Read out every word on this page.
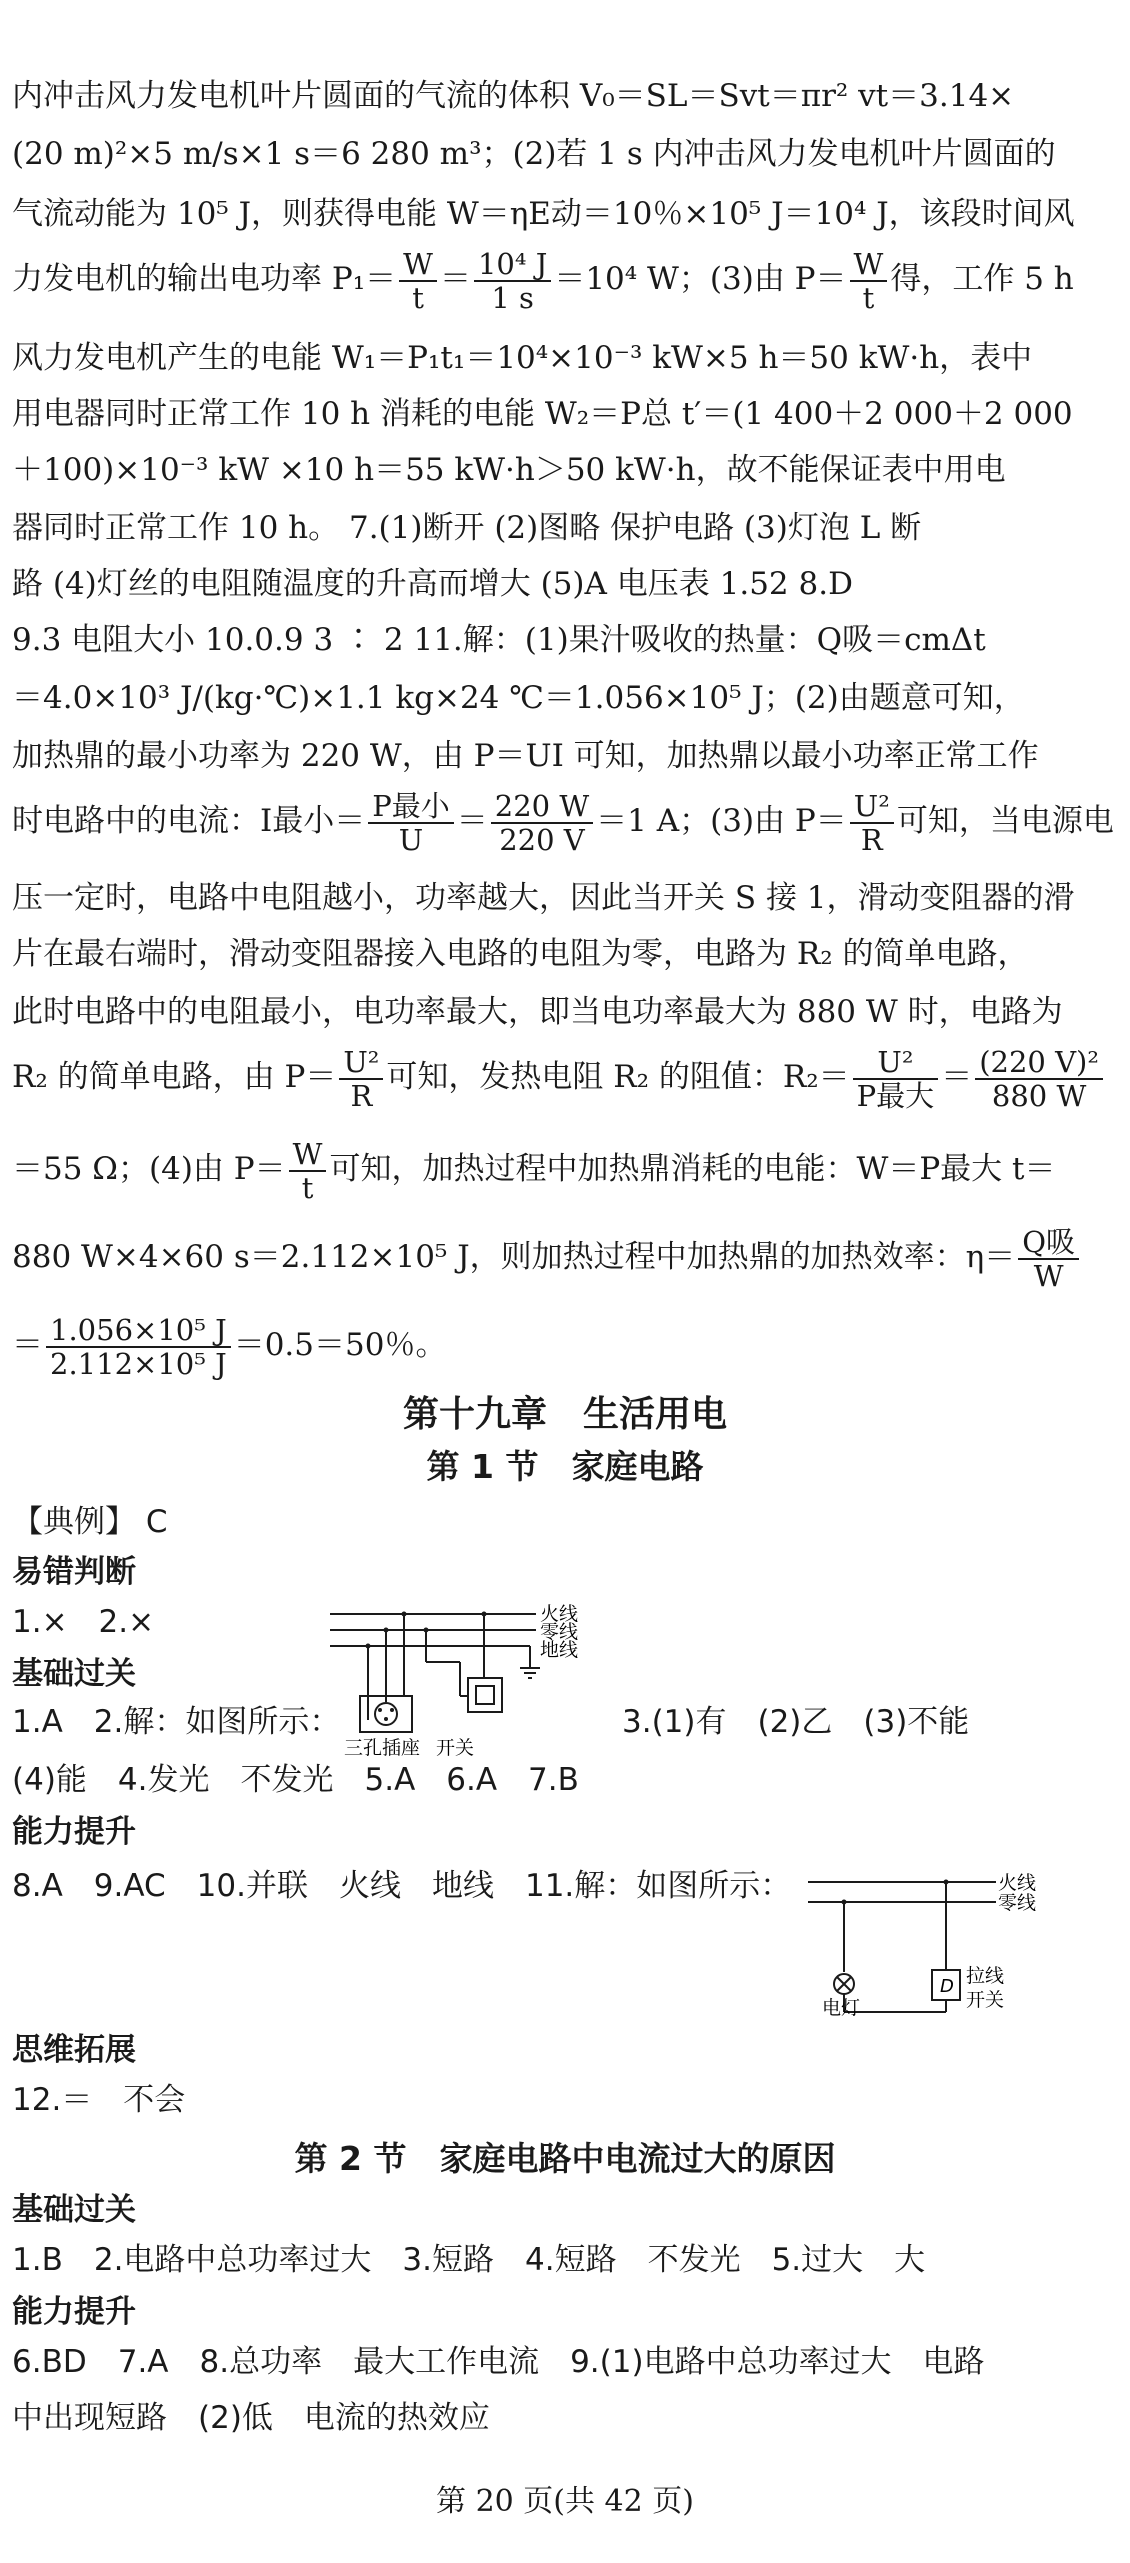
内冲击风力发电机叶片圆面的气流的体积 V₀＝SL＝Svt＝πr² vt＝3.14×
(20 m)²×5 m/s×1 s＝6 280 m³；(2)若 1 s 内冲击风力发电机叶片圆面的
气流动能为 10⁵ J，则获得电能 W＝ηE动＝10％×10⁵ J＝10⁴ J，该段时间风
力发电机的输出电功率 $P_1= \frac{W}{t} = \frac{\text{10⁴ J}}{1 s} =10^4$ W；(3)由 $P= \frac{W}{t}$ 得，工作 5 h
风力发电机产生的电能 W₁＝P₁t₁＝10⁴×10⁻³ kW×5 h＝50 kW·h，表中
用电器同时正常工作 10 h 消耗的电能 W₂＝P总 t′＝(1 400＋2 000＋2 000
＋100)×10⁻³ kW ×10 h＝55 kW·h＞50 kW·h，故不能保证表中用电
器同时正常工作 10 h。 7.(1)断开 (2)图略 保护电路 (3)灯泡 L 断
路 (4)灯丝的电阻随温度的升高而增大 (5)A 电压表 1.52 8.D
9.3 电阻大小 10.0.9 3 ∶ 2 11.解：(1)果汁吸收的热量：Q吸＝cmΔt
＝4.0×10³ J/(kg·℃)×1.1 kg×24 ℃＝1.056×10⁵ J；(2)由题意可知，
加热鼎的最小功率为 220 W，由 P＝UI 可知，加热鼎以最小功率正常工作
时电路中的电流：I最小＝ $\frac{\text{P最小}}{U} = \frac{220 W}{220 V} =1$ A；(3)由 $P= \frac{\text{U²}}{R}$ 可知，当电源电
压一定时，电路中电阻越小，功率越大，因此当开关 S 接 1，滑动变阻器的滑
片在最右端时，滑动变阻器接入电路的电阻为零，电路为 R₂ 的简单电路，
此时电路中的电阻最小，电功率最大，即当电功率最大为 880 W 时，电路为
R₂ 的简单电路，由 $P= \frac{\text{U²}}{R}$ 可知，发热电阻 R₂ 的阻值：$R_2= \frac{\text{U²}}{\text{P最大}} = \frac{\text{(220 V)²}}{880 W}$
＝55 Ω；(4)由 $P= \frac{W}{t}$ 可知，加热过程中加热鼎消耗的电能：W＝P最大 t＝
880 W×4×60 s＝2.112×10⁵ J，则加热过程中加热鼎的加热效率：$\eta= \frac{\text{Q吸}}{W}$
＝ $\frac{\text{1.056×10⁵ J}}{\text{2.112×10⁵ J}} =0.5=50$％。
第十九章　生活用电
第 1 节　家庭电路
【典例】 C
易错判断
1.×　2.×
基础过关
1.A　2.解：如图所示：	3.(1)有　(2)乙　(3)不能
火线
零线
地线
三孔插座 开关
(4)能　4.发光　不发光　5.A　6.A　7.B
能力提升
8.A　9.AC　10.并联　火线　地线　11.解：如图所示：
D
火线
零线
电灯
拉线
开关
思维拓展
12.＝　不会
第 2 节　家庭电路中电流过大的原因
基础过关
1.B　2.电路中总功率过大　3.短路　4.短路　不发光　5.过大　大
能力提升
6.BD　7.A　8.总功率　最大工作电流　9.(1)电路中总功率过大　电路
中出现短路　(2)低　电流的热效应
第 20 页(共 42 页)
